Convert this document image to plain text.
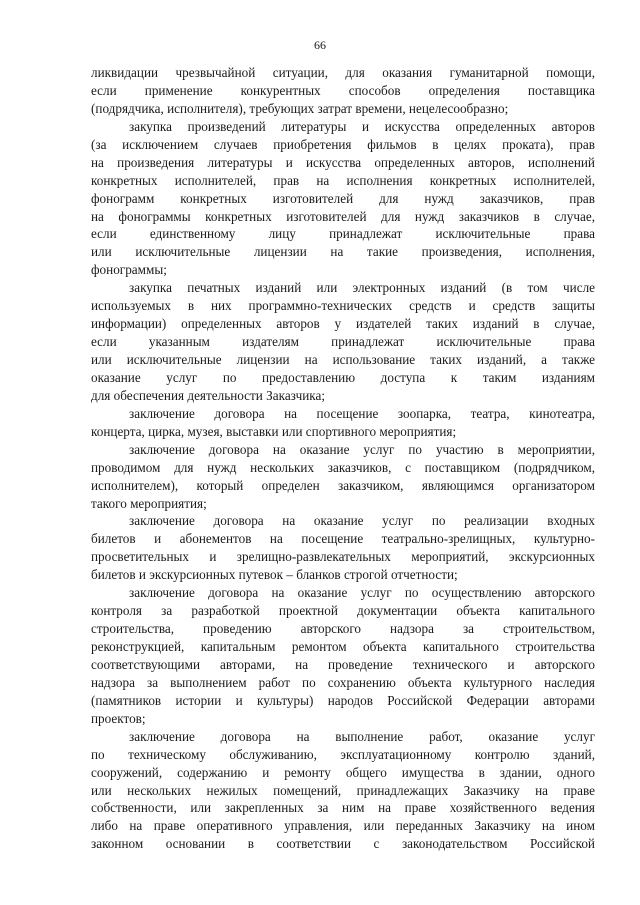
66
ликвидации чрезвычайной ситуации, для оказания гуманитарной помощи,
если применение конкурентных способов определения поставщика
(подрядчика, исполнителя), требующих затрат времени, нецелесообразно;
закупка произведений литературы и искусства определенных авторов
(за исключением случаев приобретения фильмов в целях проката), прав
на произведения литературы и искусства определенных авторов, исполнений
конкретных исполнителей, прав на исполнения конкретных исполнителей,
фонограмм конкретных изготовителей для нужд заказчиков, прав
на фонограммы конкретных изготовителей для нужд заказчиков в случае,
если единственному лицу принадлежат исключительные права
или исключительные лицензии на такие произведения, исполнения,
фонограммы;
закупка печатных изданий или электронных изданий (в том числе
используемых в них программно-технических средств и средств защиты
информации) определенных авторов у издателей таких изданий в случае,
если указанным издателям принадлежат исключительные права
или исключительные лицензии на использование таких изданий, а также
оказание услуг по предоставлению доступа к таким изданиям
для обеспечения деятельности Заказчика;
заключение договора на посещение зоопарка, театра, кинотеатра,
концерта, цирка, музея, выставки или спортивного мероприятия;
заключение договора на оказание услуг по участию в мероприятии,
проводимом для нужд нескольких заказчиков, с поставщиком (подрядчиком,
исполнителем), который определен заказчиком, являющимся организатором
такого мероприятия;
заключение договора на оказание услуг по реализации входных
билетов и абонементов на посещение театрально-зрелищных, культурно-
просветительных и зрелищно-развлекательных мероприятий, экскурсионных
билетов и экскурсионных путевок – бланков строгой отчетности;
заключение договора на оказание услуг по осуществлению авторского
контроля за разработкой проектной документации объекта капитального
строительства, проведению авторского надзора за строительством,
реконструкцией, капитальным ремонтом объекта капитального строительства
соответствующими авторами, на проведение технического и авторского
надзора за выполнением работ по сохранению объекта культурного наследия
(памятников истории и культуры) народов Российской Федерации авторами
проектов;
заключение договора на выполнение работ, оказание услуг
по техническому обслуживанию, эксплуатационному контролю зданий,
сооружений, содержанию и ремонту общего имущества в здании, одного
или нескольких нежилых помещений, принадлежащих Заказчику на праве
собственности, или закрепленных за ним на праве хозяйственного ведения
либо на праве оперативного управления, или переданных Заказчику на ином
законном основании в соответствии с законодательством Российской
